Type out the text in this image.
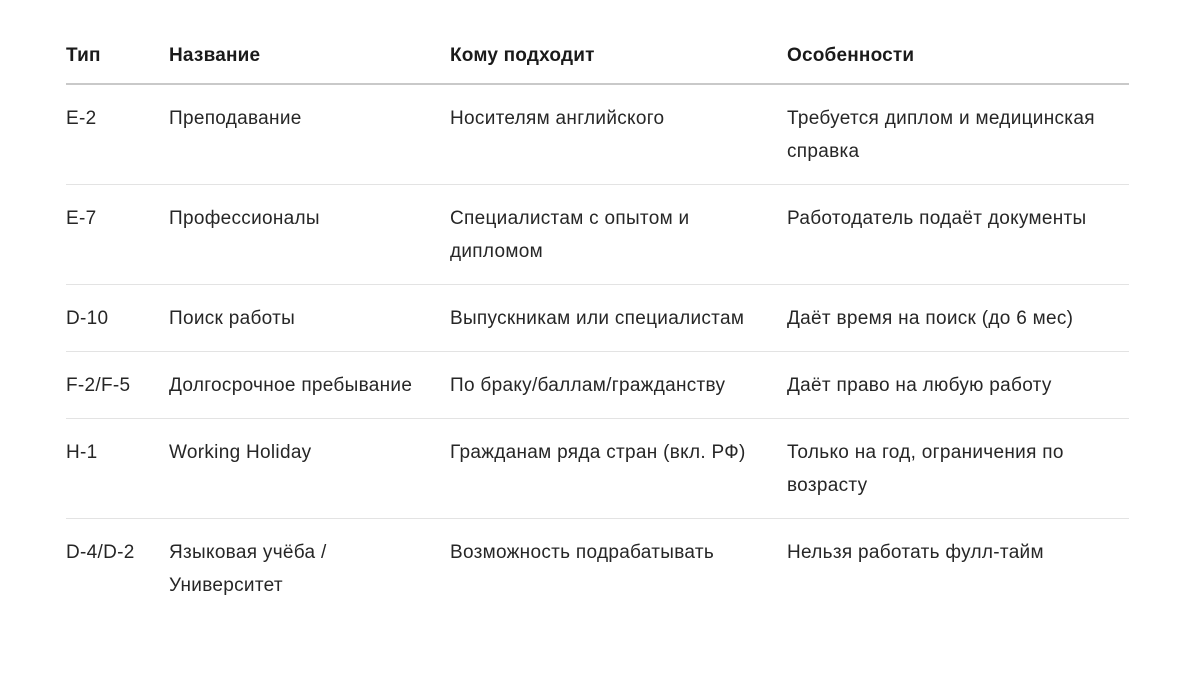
Тип	Название	Кому подходит	Особенности
E-2	Преподавание	Носителям английского	Требуется диплом и медицинская справка
E-7	Профессионалы	Специалистам с опытом и дипломом	Работодатель подаёт документы
D-10	Поиск работы	Выпускникам или специалистам	Даёт время на поиск (до 6 мес)
F-2/F-5	Долгосрочное пребывание	По браку/баллам/гражданству	Даёт право на любую работу
H-1	Working Holiday	Гражданам ряда стран (вкл. РФ)	Только на год, ограничения по возрасту
D-4/D-2	Языковая учёба / Университет	Возможность подрабатывать	Нельзя работать фулл-тайм
